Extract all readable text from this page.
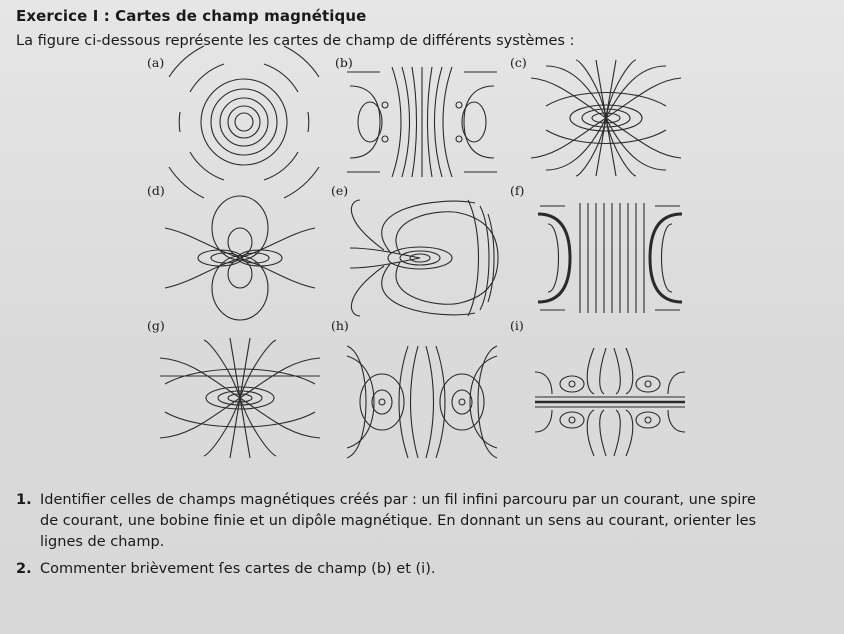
Exercice I : Cartes de champ magnétique
La figure ci-dessous représente les cartes de champ de différents systèmes :
(a)	(b)	(c)
(d)	(e)	(f)
(g)	(h)	(i)
1. Identifier celles de champs magnétiques créés par : un fil infini parcouru par un courant, une spire
de courant, une bobine finie et un dipôle magnétique. En donnant un sens au courant, orienter les
lignes de champ.
2. Commenter brièvement ſes cartes de champ (b) et (i).
